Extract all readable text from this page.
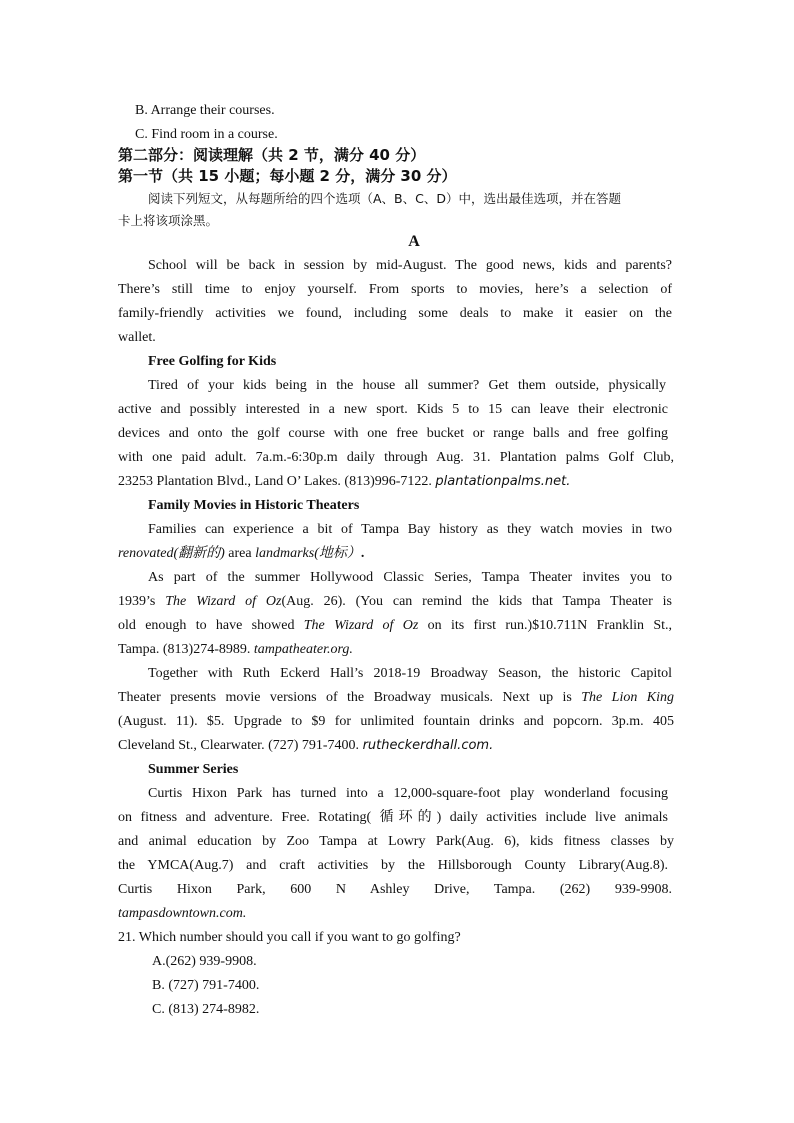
B. Arrange their courses.
C. Find room in a course.
第二部分：阅读理解（共 2 节，满分 40 分）
第一节（共 15 小题；每小题 2 分，满分 30 分）
阅读下列短文，从每题所给的四个选项（A、B、C、D）中，选出最佳选项，并在答题
卡上将该项涂黑。
A
School will be back in session by mid-August. The good news, kids and parents?
There’s still time to enjoy yourself. From sports to movies, here’s a selection of
family-friendly activities we found, including some deals to make it easier on the
wallet.
Free Golfing for Kids
Tired of your kids being in the house all summer? Get them outside, physically
active and possibly interested in a new sport. Kids 5 to 15 can leave their electronic
devices and onto the golf course with one free bucket or range balls and free golfing
with one paid adult. 7a.m.-6:30p.m daily through Aug. 31. Plantation palms Golf Club,
23253 Plantation Blvd., Land O’ Lakes. (813)996-7122. plantationpalms.net.
Family Movies in Historic Theaters
Families can experience a bit of Tampa Bay history as they watch movies in two
renovated(翻新的) area landmarks(地标）.
As part of the summer Hollywood Classic Series, Tampa Theater invites you to
1939’s The Wizard of Oz(Aug. 26). (You can remind the kids that Tampa Theater is
old enough to have showed The Wizard of Oz on its first run.)$10.711N Franklin St.,
Tampa. (813)274-8989. tampatheater.org.
Together with Ruth Eckerd Hall’s 2018-19 Broadway Season, the historic Capitol
Theater presents movie versions of the Broadway musicals. Next up is The Lion King
(August. 11). $5. Upgrade to $9 for unlimited fountain drinks and popcorn. 3p.m. 405
Cleveland St., Clearwater. (727) 791-7400. rutheckerdhall.com.
Summer Series
Curtis Hixon Park has turned into a 12,000-square-foot play wonderland focusing
on fitness and adventure. Free. Rotating( 循环的) daily activities include live animals
and animal education by Zoo Tampa at Lowry Park(Aug. 6), kids fitness classes by
the YMCA(Aug.7) and craft activities by the Hillsborough County Library(Aug.8).
Curtis Hixon Park, 600 N Ashley Drive, Tampa. (262) 939-9908.
tampasdowntown.com.
21. Which number should you call if you want to go golfing?
A.(262) 939-9908.
B. (727) 791-7400.
C. (813) 274-8982.
